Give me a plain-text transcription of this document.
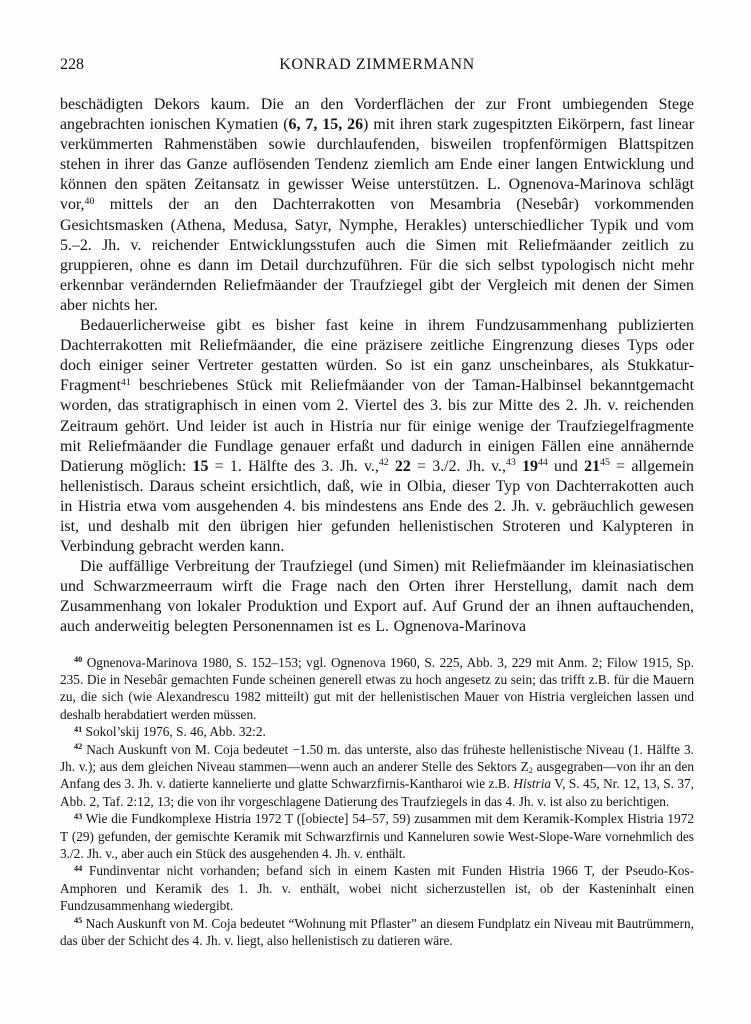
228	KONRAD ZIMMERMANN

beschädigten Dekors kaum. Die an den Vorderflächen der zur Front umbiegenden Stege angebrachten ionischen Kymatien (6, 7, 15, 26) mit ihren stark zugespitzten Eikörpern, fast linear verkümmerten Rahmenstäben sowie durchlaufenden, bisweilen tropfenförmigen Blattspitzen stehen in ihrer das Ganze auflösenden Tendenz ziemlich am Ende einer langen Entwicklung und können den späten Zeitansatz in gewisser Weise unterstützen. L. Ognenova-Marinova schlägt vor,$^{40}$ mittels der an den Dachterrakotten von Mesambria (Nesebâr) vorkommenden Gesichtsmasken (Athena, Medusa, Satyr, Nymphe, Herakles) unterschiedlicher Typik und vom 5.–2. Jh. v. reichender Entwicklungsstufen auch die Simen mit Reliefmäander zeitlich zu gruppieren, ohne es dann im Detail durchzuführen. Für die sich selbst typologisch nicht mehr erkennbar verändernden Reliefmäander der Traufziegel gibt der Vergleich mit denen der Simen aber nichts her.

Bedauerlicherweise gibt es bisher fast keine in ihrem Fundzusammenhang publizierten Dachterrakotten mit Reliefmäander, die eine präzisere zeitliche Eingrenzung dieses Typs oder doch einiger seiner Vertreter gestatten würden. So ist ein ganz unscheinbares, als Stukkatur-Fragment$^{41}$ beschriebenes Stück mit Reliefmäander von der Taman-Halbinsel bekanntgemacht worden, das stratigraphisch in einen vom 2. Viertel des 3. bis zur Mitte des 2. Jh. v. reichenden Zeitraum gehört. Und leider ist auch in Histria nur für einige wenige der Traufziegelfragmente mit Reliefmäander die Fundlage genauer erfaßt und dadurch in einigen Fällen eine annähernde Datierung möglich: 15 = 1. Hälfte des 3. Jh. v.,$^{42}$ 22 = 3./2. Jh. v.,$^{43}$ $19^{44}$ und $21^{45}$ = allgemein hellenistisch. Daraus scheint ersichtlich, daß, wie in Olbia, dieser Typ von Dachterrakotten auch in Histria etwa vom ausgehenden 4. bis mindestens ans Ende des 2. Jh. v. gebräuchlich gewesen ist, und deshalb mit den übrigen hier gefunden hellenistischen Stroteren und Kalypteren in Verbindung gebracht werden kann.

Die auffällige Verbreitung der Traufziegel (und Simen) mit Reliefmäander im kleinasiatischen und Schwarzmeerraum wirft die Frage nach den Orten ihrer Herstellung, damit nach dem Zusammenhang von lokaler Produktion und Export auf. Auf Grund der an ihnen auftauchenden, auch anderweitig belegten Personennamen ist es L. Ognenova-Marinova

$^{40}$ Ognenova-Marinova 1980, S. 152–153; vgl. Ognenova 1960, S. 225, Abb. 3, 229 mit Anm. 2; Filow 1915, Sp. 235. Die in Nesebâr gemachten Funde scheinen generell etwas zu hoch angesetz zu sein; das trifft z.B. für die Mauern zu, die sich (wie Alexandrescu 1982 mitteilt) gut mit der hellenistischen Mauer von Histria vergleichen lassen und deshalb herabdatiert werden müssen.

$^{41}$ Sokol’skij 1976, S. 46, Abb. 32:2.

$^{42}$ Nach Auskunft von M. Coja bedeutet −1.50 m. das unterste, also das früheste hellenistische Niveau (1. Hälfte 3. Jh. v.); aus dem gleichen Niveau stammen—wenn auch an anderer Stelle des Sektors $Z_2$ ausgegraben—von ihr an den Anfang des 3. Jh. v. datierte kannelierte und glatte Schwarzfirnis-Kantharoi wie z.B. Histria V, S. 45, Nr. 12, 13, S. 37, Abb. 2, Taf. 2:12, 13; die von ihr vorgeschlagene Datierung des Traufziegels in das 4. Jh. v. ist also zu berichtigen.

$^{43}$ Wie die Fundkomplexe Histria 1972 T ([obiecte] 54–57, 59) zusammen mit dem Keramik-Komplex Histria 1972 T (29) gefunden, der gemischte Keramik mit Schwarzfirnis und Kanneluren sowie West-Slope-Ware vornehmlich des 3./2. Jh. v., aber auch ein Stück des ausgehenden 4. Jh. v. enthält.

$^{44}$ Fundinventar nicht vorhanden; befand sich in einem Kasten mit Funden Histria 1966 T, der Pseudo-Kos-Amphoren und Keramik des 1. Jh. v. enthält, wobei nicht sicherzustellen ist, ob der Kasteninhalt einen Fundzusammenhang wiedergibt.

$^{45}$ Nach Auskunft von M. Coja bedeutet “Wohnung mit Pflaster” an diesem Fundplatz ein Niveau mit Bautrümmern, das über der Schicht des 4. Jh. v. liegt, also hellenistisch zu datieren wäre.
